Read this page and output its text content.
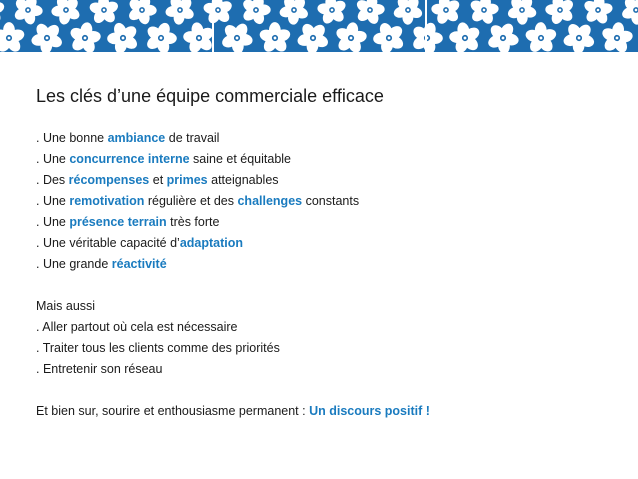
Les clés d’une équipe commerciale efficace
. Une bonne ambiance de travail
. Une concurrence interne saine et équitable
. Des récompenses et primes atteignables
. Une remotivation régulière et des challenges constants
. Une présence terrain très forte
. Une véritable capacité d’adaptation
. Une grande réactivité
Mais aussi
. Aller partout où cela est nécessaire
. Traiter tous les clients comme des priorités
. Entretenir son réseau
Et bien sur, sourire et enthousiasme permanent : Un discours positif !
